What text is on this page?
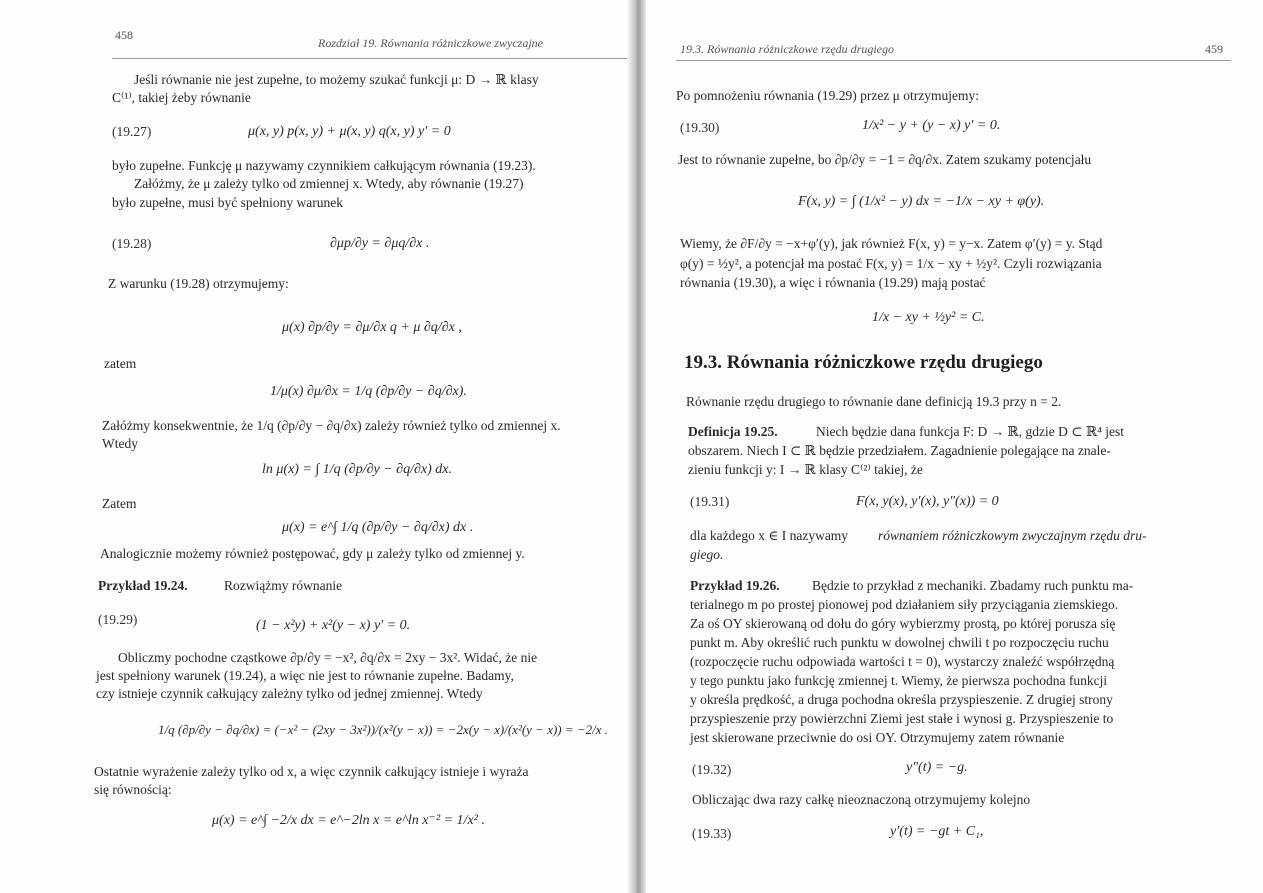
458
Rozdział 19. Równania różniczkowe zwyczajne
Jeśli równanie nie jest zupełne, to możemy szukać funkcji μ: D → ℝ klasy
C⁽¹⁾, takiej żeby równanie
(19.27)	μ(x, y) p(x, y) + μ(x, y) q(x, y) y′ = 0
było zupełne. Funkcję μ nazywamy czynnikiem całkującym równania (19.23).
Załóżmy, że μ zależy tylko od zmiennej x. Wtedy, aby równanie (19.27)
było zupełne, musi być spełniony warunek
(19.28)	∂μp/∂y = ∂μq/∂x .
Z warunku (19.28) otrzymujemy:
μ(x) ∂p/∂y = ∂μ/∂x q + μ ∂q/∂x ,
zatem
1/μ(x) ∂μ/∂x = 1/q (∂p/∂y − ∂q/∂x).
Załóżmy konsekwentnie, że 1/q (∂p/∂y − ∂q/∂x) zależy również tylko od zmiennej x.
Wtedy
ln μ(x) = ∫ 1/q (∂p/∂y − ∂q/∂x) dx.
Zatem
μ(x) = e^∫ 1/q (∂p/∂y − ∂q/∂x) dx .
Analogicznie możemy również postępować, gdy μ zależy tylko od zmiennej y.
Przykład 19.24.	Rozwiążmy równanie
(19.29)	(1 − x²y) + x²(y − x) y′ = 0.
Obliczmy pochodne cząstkowe ∂p/∂y = −x², ∂q/∂x = 2xy − 3x². Widać, że nie
jest spełniony warunek (19.24), a więc nie jest to równanie zupełne. Badamy,
czy istnieje czynnik całkujący zależny tylko od jednej zmiennej. Wtedy
1/q (∂p/∂y − ∂q/∂x) = (−x² − (2xy − 3x²))/(x²(y − x)) = −2x(y − x)/(x²(y − x)) = −2/x .
Ostatnie wyrażenie zależy tylko od x, a więc czynnik całkujący istnieje i wyraża
się równością:
μ(x) = e^∫ −2/x dx = e^−2ln x = e^ln x⁻² = 1/x² .
19.3. Równania różniczkowe rzędu drugiego	459
Po pomnożeniu równania (19.29) przez μ otrzymujemy:
(19.30)	1/x² − y + (y − x) y′ = 0.
Jest to równanie zupełne, bo ∂p/∂y = −1 = ∂q/∂x. Zatem szukamy potencjału
F(x, y) = ∫ (1/x² − y) dx = −1/x − xy + φ(y).
Wiemy, że ∂F/∂y = −x+φ′(y), jak również F(x, y) = y−x. Zatem φ′(y) = y. Stąd
φ(y) = ½y², a potencjał ma postać F(x, y) = 1/x − xy + ½y². Czyli rozwiązania
równania (19.30), a więc i równania (19.29) mają postać
1/x − xy + ½y² = C.
19.3. Równania różniczkowe rzędu drugiego
Równanie rzędu drugiego to równanie dane definicją 19.3 przy n = 2.
Definicja 19.25.	Niech będzie dana funkcja F: D → ℝ, gdzie D ⊂ ℝ⁴ jest
obszarem. Niech I ⊂ ℝ będzie przedziałem. Zagadnienie polegające na znale-
zieniu funkcji y: I → ℝ klasy C⁽²⁾ takiej, że
(19.31)	F(x, y(x), y′(x), y″(x)) = 0
dla każdego x ∈ I nazywamy równaniem różniczkowym zwyczajnym rzędu dru-
giego.
Przykład 19.26. Będzie to przykład z mechaniki. Zbadamy ruch punktu ma-
terialnego m po prostej pionowej pod działaniem siły przyciągania ziemskiego.
Za oś OY skierowaną od dołu do góry wybierzmy prostą, po której porusza się
punkt m. Aby określić ruch punktu w dowolnej chwili t po rozpoczęciu ruchu
(rozpoczęcie ruchu odpowiada wartości t = 0), wystarczy znaleźć współrzędną
y tego punktu jako funkcję zmiennej t. Wiemy, że pierwsza pochodna funkcji
y określa prędkość, a druga pochodna określa przyspieszenie. Z drugiej strony
przyspieszenie przy powierzchni Ziemi jest stałe i wynosi g. Przyspieszenie to
jest skierowane przeciwnie do osi OY. Otrzymujemy zatem równanie
(19.32)	y″(t) = −g.
Obliczając dwa razy całkę nieoznaczoną otrzymujemy kolejno
(19.33)	y′(t) = −gt + C₁,
